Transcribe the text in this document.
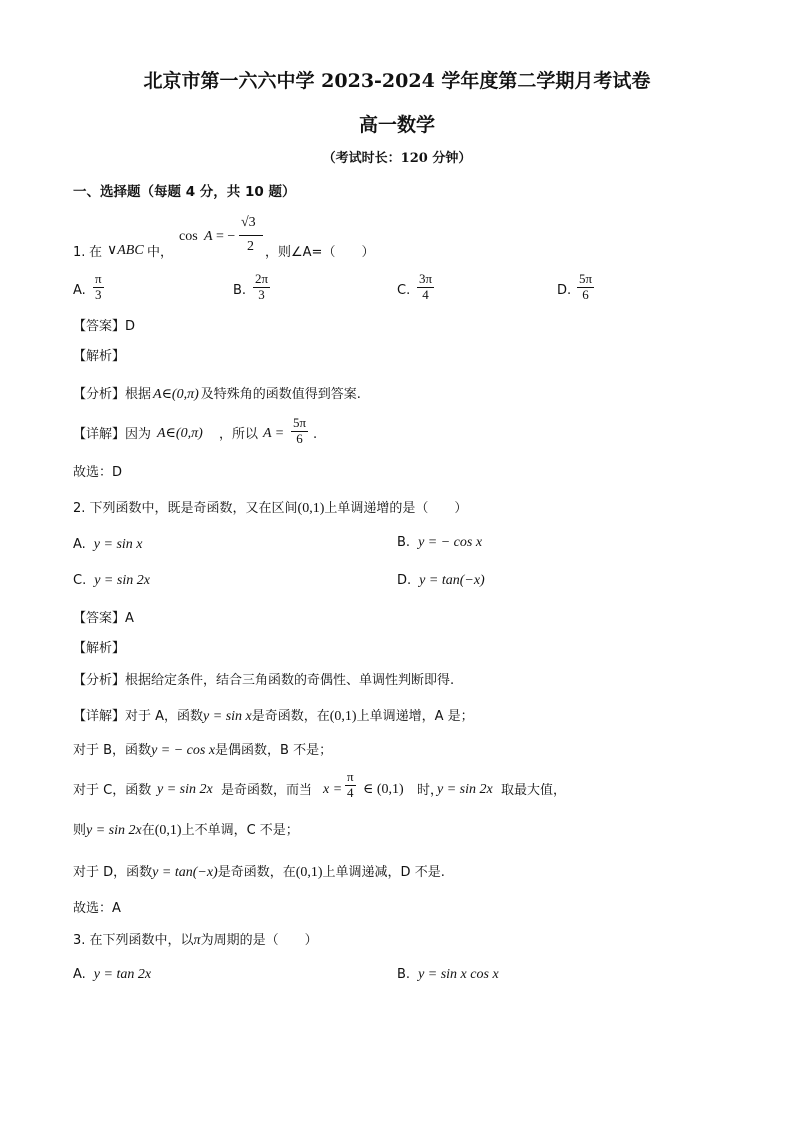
北京市第一六六中学 2023-2024 学年度第二学期月考试卷
高一数学
（考试时长：120 分钟）
一、选择题（每题 4 分，共 10 题）
1. 在 ∨ABC 中，
cos A = −
√3
2 ，则∠A=（　　）
A. $\frac{\pi}{3}$	B. $\frac{2\pi}{3}$	C. $\frac{3\pi}{4}$	D. $\frac{5\pi}{6}$
【答案】D
【解析】
【分析】根据 A∈(0,π) 及特殊角的函数值得到答案.
【详解】因为 A∈(0,π) ，所以 $A = \frac{5\pi}{6}$ .
故选：D
2. 下列函数中，既是奇函数，又在区间(0,1)上单调递增的是（　　）
A. y = sin x	B. y = − cos x
C. y = sin 2x	D. y = tan(−x)
【答案】A
【解析】
【分析】根据给定条件，结合三角函数的奇偶性、单调性判断即得.
【详解】对于 A，函数y = sin x是奇函数，在(0,1)上单调递增，A 是；
对于 B，函数y = − cos x是偶函数，B 不是；
对于 C，函数 y = sin 2x 是奇函数，而当 $x = \frac{\pi}{4}$ ∈ (0,1) 时，
y = sin 2x 取最大值，
则y = sin 2x在(0,1)上不单调，C 不是；
对于 D，函数y = tan(−x)是奇函数，在(0,1)上单调递减，D 不是.
故选：A
3. 在下列函数中，以π为周期的是（　　）
A. y = tan 2x	B. y = sin x cos x
